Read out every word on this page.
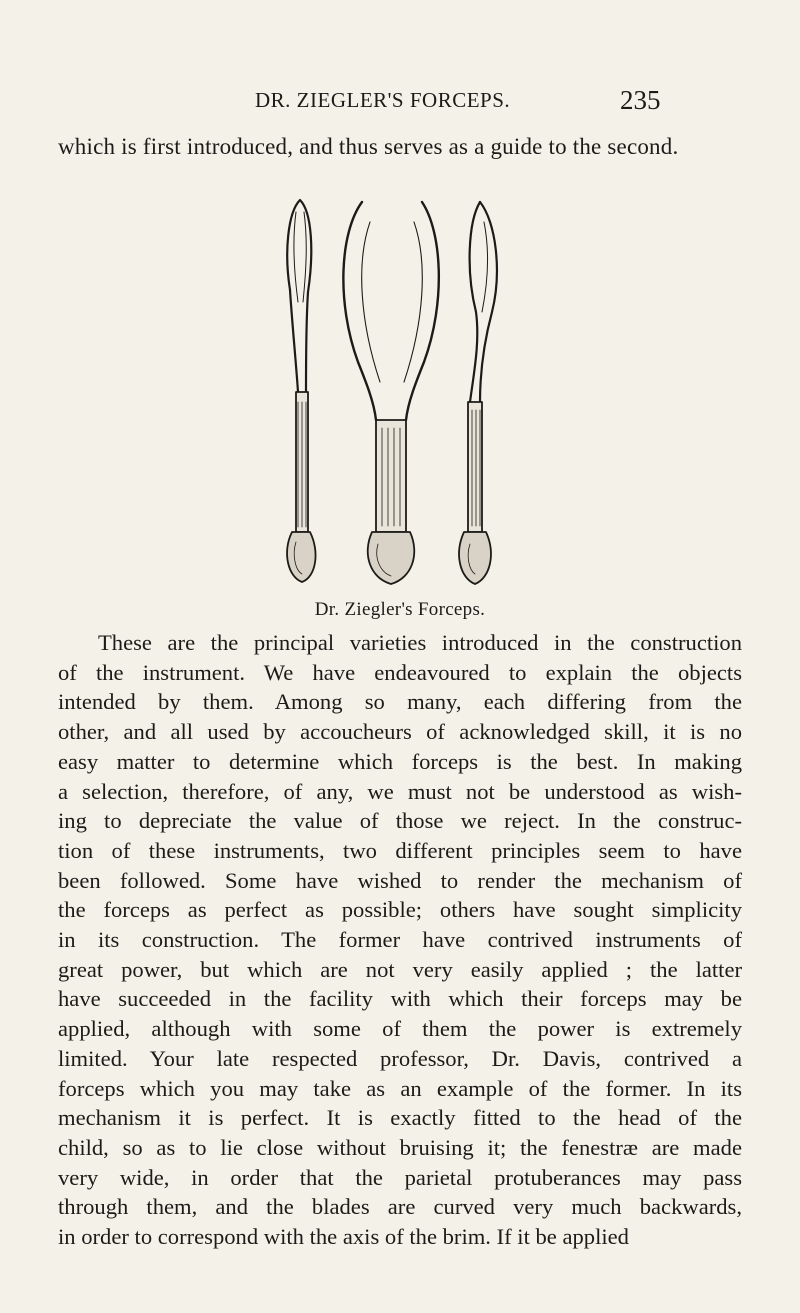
DR. ZIEGLER'S FORCEPS.	235
which is first introduced, and thus serves as a guide to the second.
Dr. Ziegler's Forceps.

These are the principal varieties introduced in the construction
of the instrument. We have endeavoured to explain the objects
intended by them. Among so many, each differing from the
other, and all used by accoucheurs of acknowledged skill, it is no
easy matter to determine which forceps is the best. In making
a selection, therefore, of any, we must not be understood as wish-
ing to depreciate the value of those we reject. In the construc-
tion of these instruments, two different principles seem to have
been followed. Some have wished to render the mechanism of
the forceps as perfect as possible; others have sought simplicity
in its construction. The former have contrived instruments of
great power, but which are not very easily applied ; the latter
have succeeded in the facility with which their forceps may be
applied, although with some of them the power is extremely
limited. Your late respected professor, Dr. Davis, contrived a
forceps which you may take as an example of the former. In its
mechanism it is perfect. It is exactly fitted to the head of the
child, so as to lie close without bruising it; the fenestræ are made
very wide, in order that the parietal protuberances may pass
through them, and the blades are curved very much backwards,
in order to correspond with the axis of the brim. If it be applied
